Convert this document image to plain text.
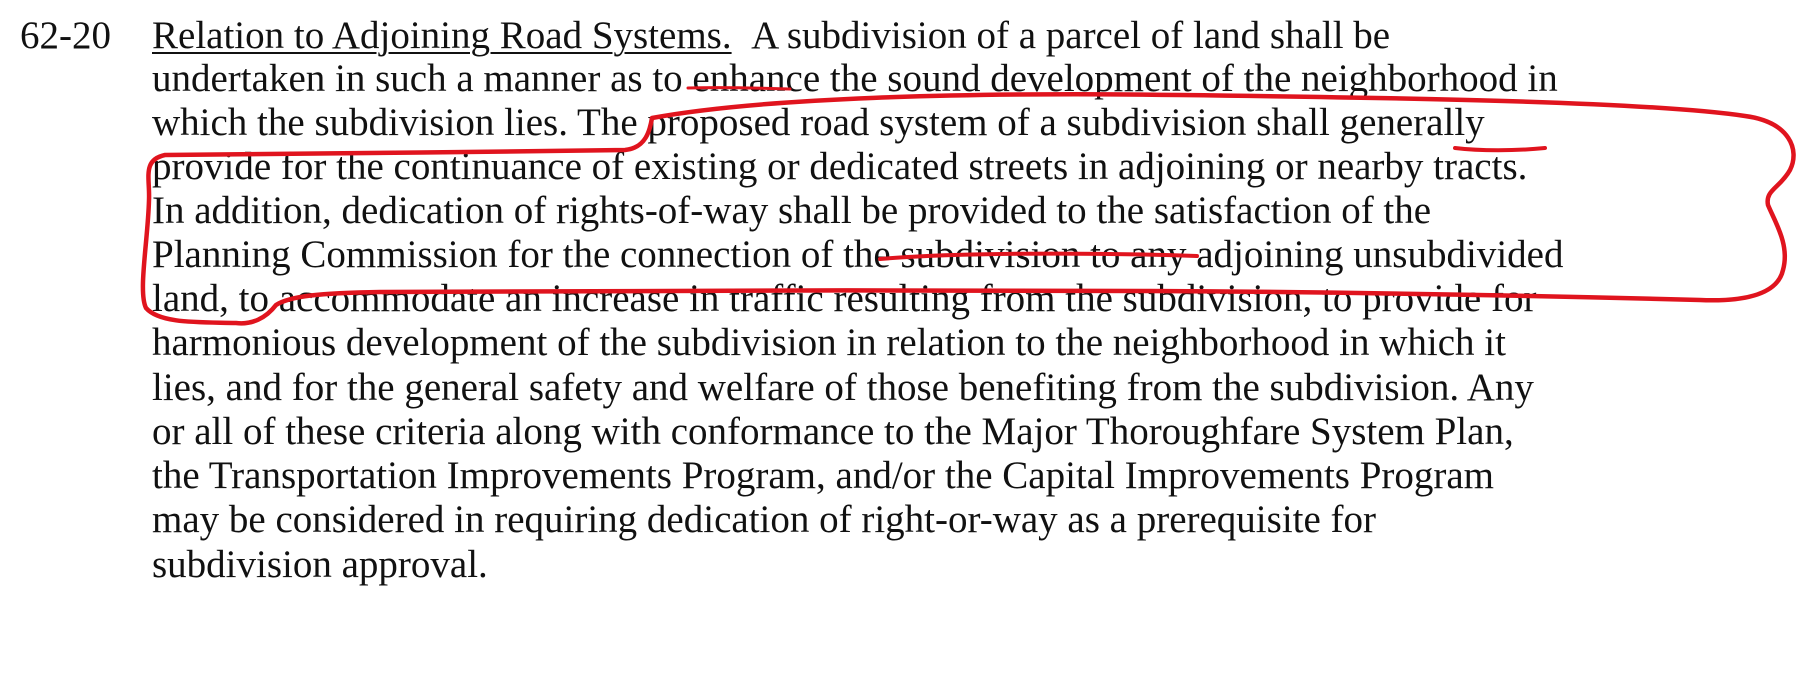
62-20 Relation to Adjoining Road Systems. A subdivision of a parcel of land shall be
undertaken in such a manner as to enhance the sound development of the neighborhood in
which the subdivision lies. The proposed road system of a subdivision shall generally
provide for the continuance of existing or dedicated streets in adjoining or nearby tracts.
In addition, dedication of rights-of-way shall be provided to the satisfaction of the
Planning Commission for the connection of the subdivision to any adjoining unsubdivided
land, to accommodate an increase in traffic resulting from the subdivision, to provide for
harmonious development of the subdivision in relation to the neighborhood in which it
lies, and for the general safety and welfare of those benefiting from the subdivision. Any
or all of these criteria along with conformance to the Major Thoroughfare System Plan,
the Transportation Improvements Program, and/or the Capital Improvements Program
may be considered in requiring dedication of right-or-way as a prerequisite for
subdivision approval.
